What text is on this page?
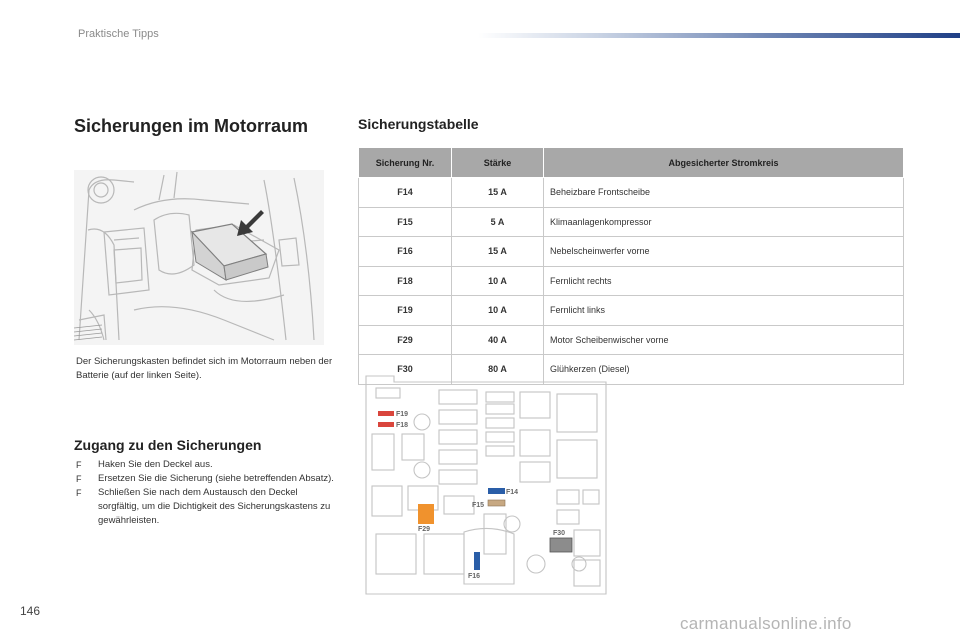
Praktische Tipps
Sicherungen im Motorraum	Sicherungstabelle
Der Sicherungskasten befindet sich im Motorraum neben der Batterie (auf der linken Seite).
Zugang zu den Sicherungen
F Haken Sie den Deckel aus.
F Ersetzen Sie die Sicherung (siehe betreffenden Absatz).
F Schließen Sie nach dem Austausch den Deckel sorgfältig, um die Dichtigkeit des Sicherungskastens zu gewährleisten.
Sicherung Nr.	Stärke	Abgesicherter Stromkreis
F14	15 A	Beheizbare Frontscheibe
F15	5 A	Klimaanlagenkompressor
F16	15 A	Nebelscheinwerfer vorne
F18	10 A	Fernlicht rechts
F19	10 A	Fernlicht links
F29	40 A	Motor Scheibenwischer vorne
F30	80 A	Glühkerzen (Diesel)
F19
F18
F14
F15
F29
F30
F16
146
carmanualsonline.info
